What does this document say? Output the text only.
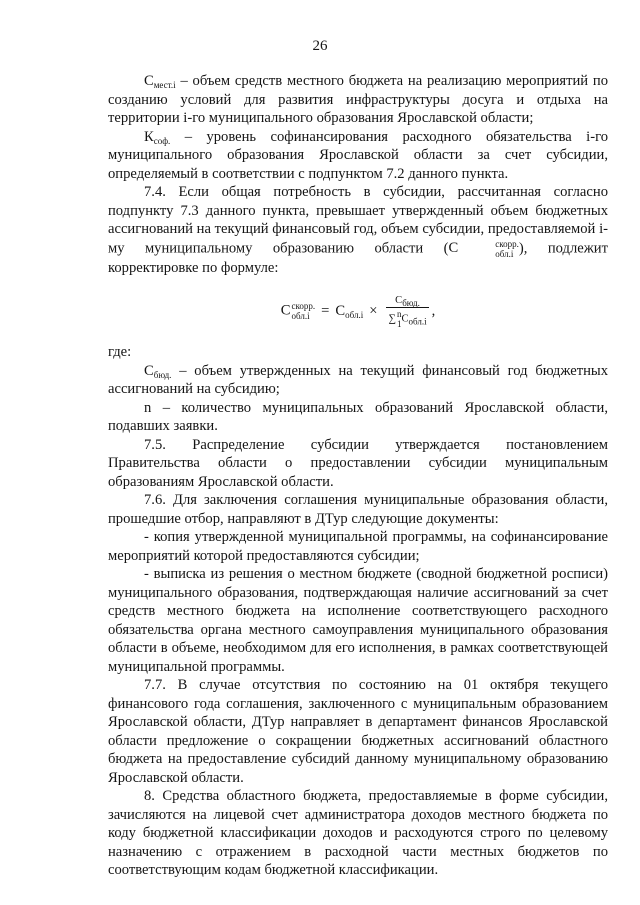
26

$С_{мест.i}$ – объем средств местного бюджета на реализацию мероприятий по созданию условий для развития инфраструктуры досуга и отдыха на территории i-го муниципального образования Ярославской области;

$К_{соф.}$ – уровень софинансирования расходного обязательства i-го муниципального образования Ярославской области за счет субсидии, определяемый в соответствии с подпунктом 7.2 данного пункта.

7.4. Если общая потребность в субсидии, рассчитанная согласно подпункту 7.3 данного пункта, превышает утвержденный объем бюджетных ассигнований на текущий финансовый год, объем субсидии, предоставляемой i-му муниципальному образованию области (С	скорр.
обл.i ), подлежит корректировке по формуле:

С скорр.
$обл.i = С_{обл.i} \times С_{бюд.}$
∑ n
1 $С_{обл.i}$ ,

где:

$С_{бюд.}$ – объем утвержденных на текущий финансовый год бюджетных ассигнований на субсидию;

n – количество муниципальных образований Ярославской области, подавших заявки.

7.5. Распределение субсидии утверждается постановлением Правительства области о предоставлении субсидии муниципальным образованиям Ярославской области.

7.6. Для заключения соглашения муниципальные образования области, прошедшие отбор, направляют в ДТур следующие документы:

- копия утвержденной муниципальной программы, на софинансирование мероприятий которой предоставляются субсидии;

- выписка из решения о местном бюджете (сводной бюджетной росписи) муниципального образования, подтверждающая наличие ассигнований за счет средств местного бюджета на исполнение соответствующего расходного обязательства органа местного самоуправления муниципального образования области в объеме, необходимом для его исполнения, в рамках соответствующей муниципальной программы.

7.7. В случае отсутствия по состоянию на 01 октября текущего финансового года соглашения, заключенного с муниципальным образованием Ярославской области, ДТур направляет в департамент финансов Ярославской области предложение о сокращении бюджетных ассигнований областного бюджета на предоставление субсидий данному муниципальному образованию Ярославской области.

8. Средства областного бюджета, предоставляемые в форме субсидии, зачисляются на лицевой счет администратора доходов местного бюджета по коду бюджетной классификации доходов и расходуются строго по целевому назначению с отражением в расходной части местных бюджетов по соответствующим кодам бюджетной классификации.
